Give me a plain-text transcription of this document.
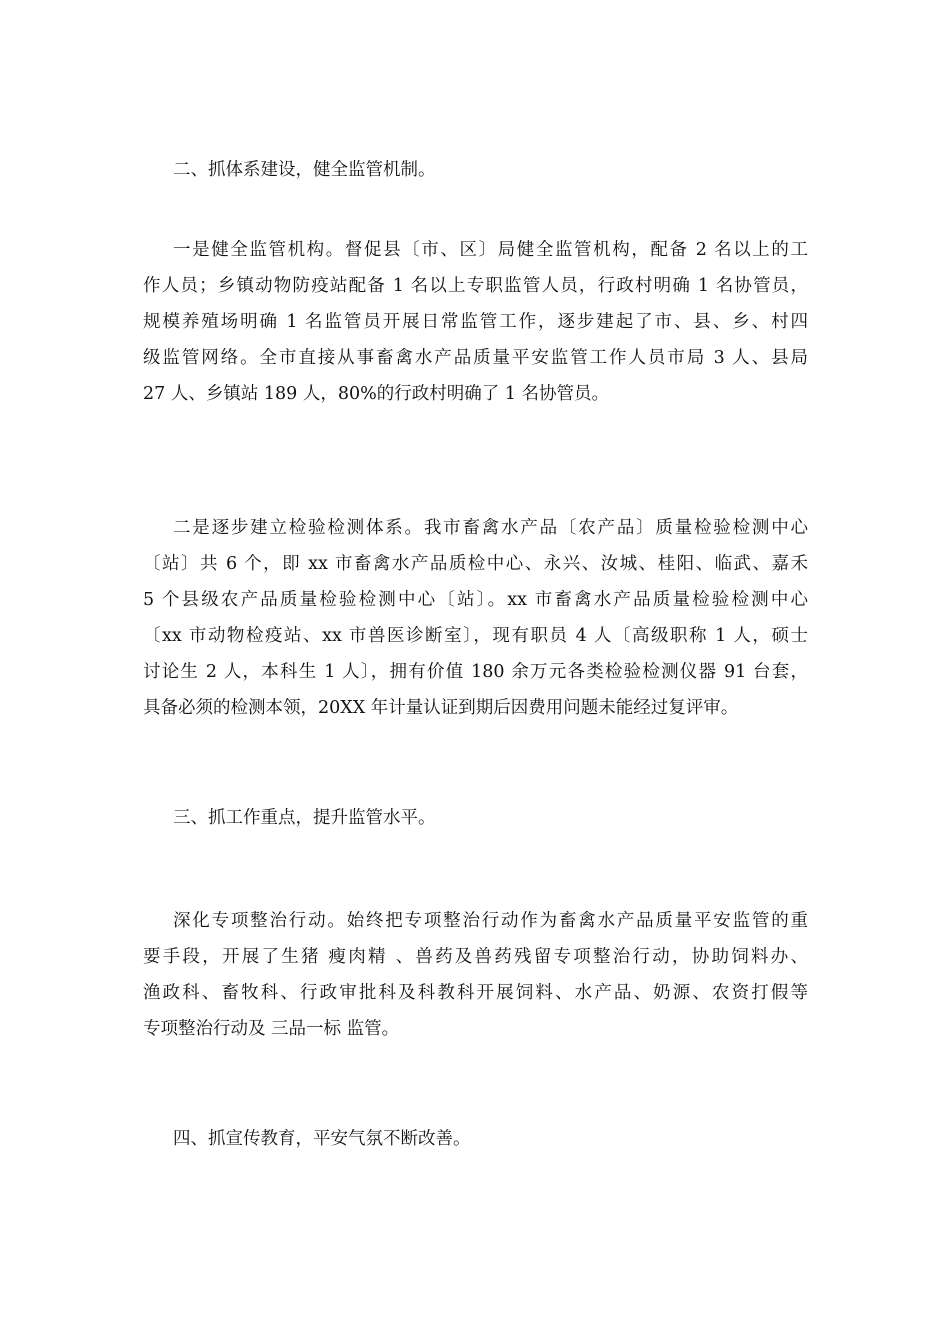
二、抓体系建设，健全监管机制。

一是健全监管机构。督促县〔市、区〕局健全监管机构，配备 2 名以上的工
作人员；乡镇动物防疫站配备 1 名以上专职监管人员，行政村明确 1 名协管员，
规模养殖场明确 1 名监管员开展日常监管工作，逐步建起了市、县、乡、村四
级监管网络。全市直接从事畜禽水产品质量平安监管工作人员市局 3 人、县局
27 人、乡镇站 189 人，80%的行政村明确了 1 名协管员。

二是逐步建立检验检测体系。我市畜禽水产品〔农产品〕质量检验检测中心
〔站〕共 6 个，即 xx 市畜禽水产品质检中心、永兴、汝城、桂阳、临武、嘉禾
5 个县级农产品质量检验检测中心〔站〕。xx 市畜禽水产品质量检验检测中心
〔xx 市动物检疫站、xx 市兽医诊断室〕，现有职员 4 人〔高级职称 1 人，硕士
讨论生 2 人，本科生 1 人〕，拥有价值 180 余万元各类检验检测仪器 91 台套，
具备必须的检测本领，20XX 年计量认证到期后因费用问题未能经过复评审。

三、抓工作重点，提升监管水平。

深化专项整治行动。始终把专项整治行动作为畜禽水产品质量平安监管的重
要手段，开展了生猪 瘦肉精 、兽药及兽药残留专项整治行动，协助饲料办、
渔政科、畜牧科、行政审批科及科教科开展饲料、水产品、奶源、农资打假等
专项整治行动及 三品一标 监管。

四、抓宣传教育，平安气氛不断改善。
